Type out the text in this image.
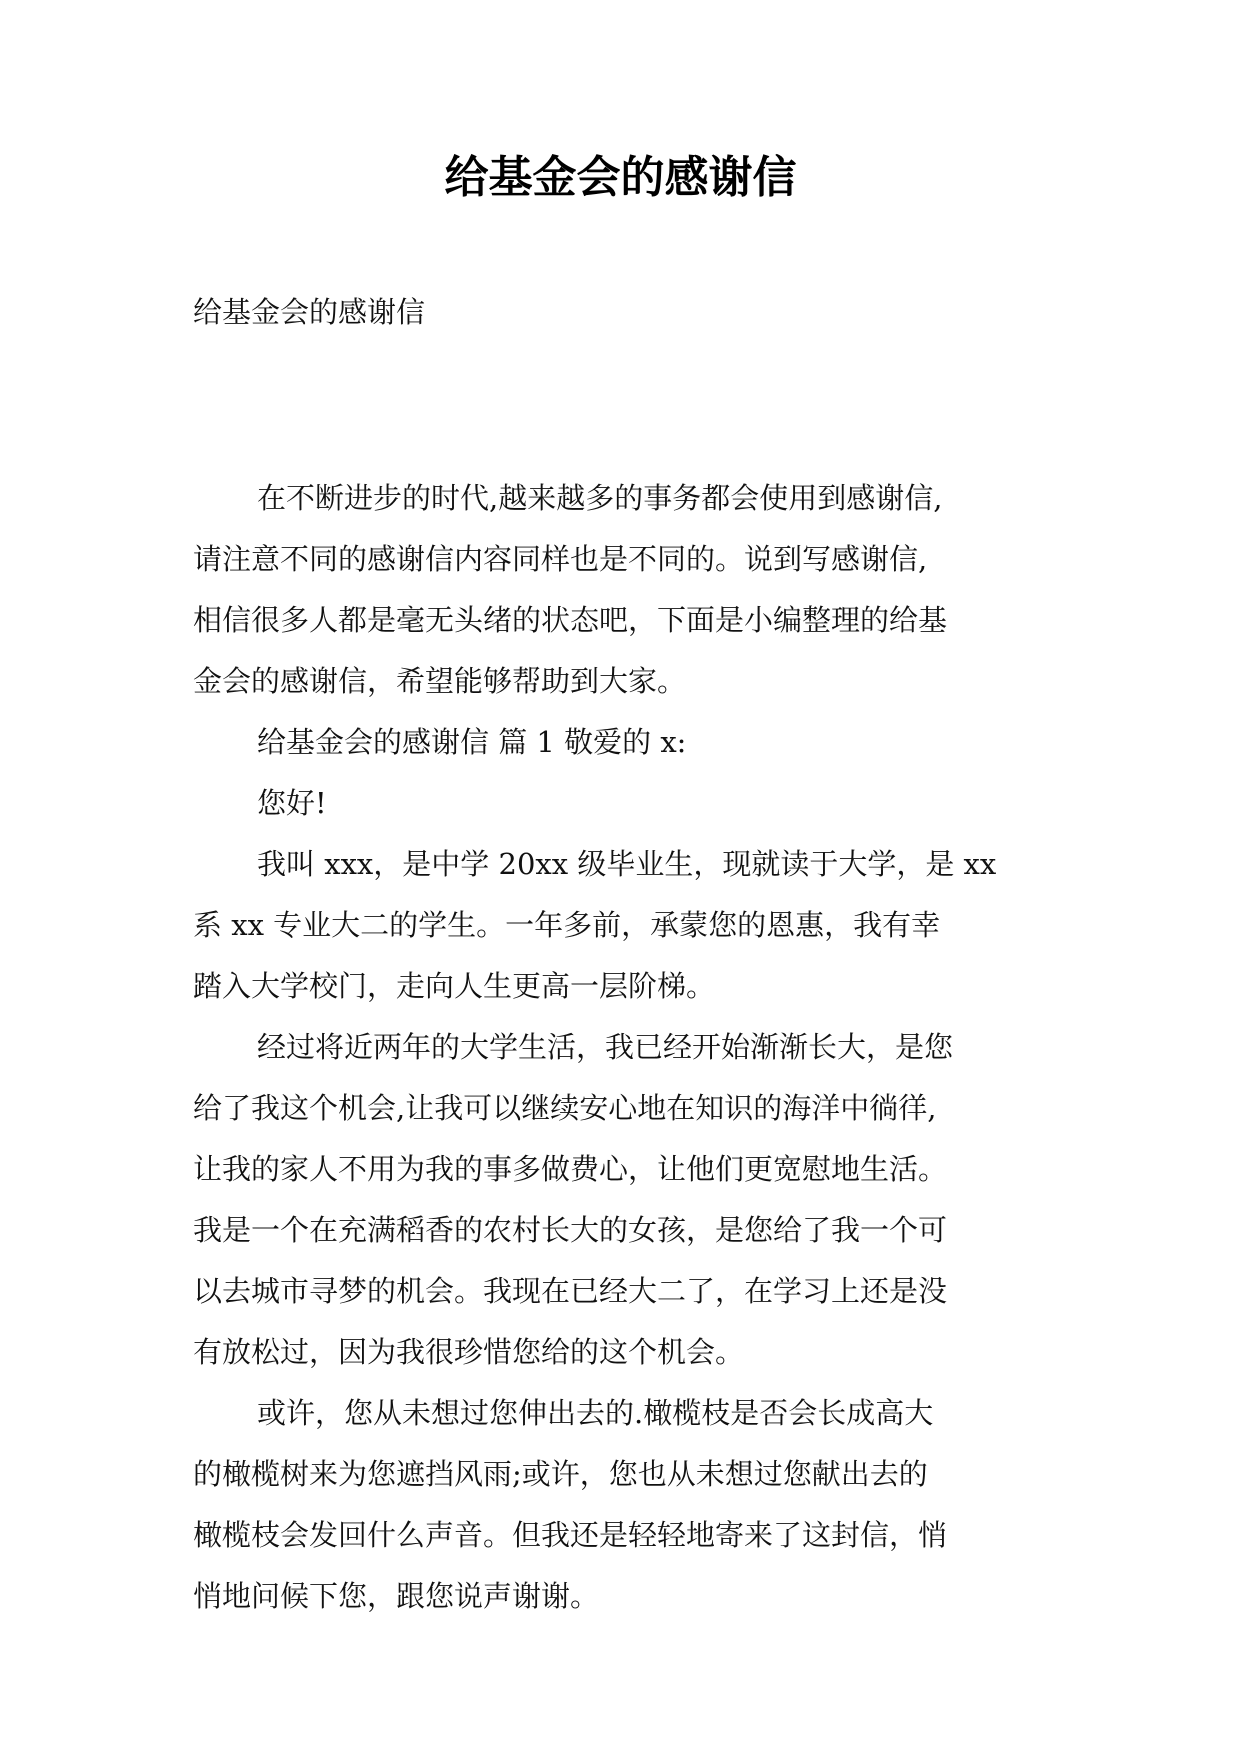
给基金会的感谢信

给基金会的感谢信

在不断进步的时代,越来越多的事务都会使用到感谢信,
请注意不同的感谢信内容同样也是不同的。说到写感谢信,
相信很多人都是毫无头绪的状态吧，下面是小编整理的给基
金会的感谢信，希望能够帮助到大家。

给基金会的感谢信 篇 1 敬爱的 x:

您好!

我叫 xxx，是中学 20xx 级毕业生，现就读于大学，是 xx
系 xx 专业大二的学生。一年多前，承蒙您的恩惠，我有幸
踏入大学校门，走向人生更高一层阶梯。

经过将近两年的大学生活，我已经开始渐渐长大，是您
给了我这个机会,让我可以继续安心地在知识的海洋中徜徉,
让我的家人不用为我的事多做费心，让他们更宽慰地生活。
我是一个在充满稻香的农村长大的女孩，是您给了我一个可
以去城市寻梦的机会。我现在已经大二了，在学习上还是没
有放松过，因为我很珍惜您给的这个机会。

或许，您从未想过您伸出去的.橄榄枝是否会长成高大
的橄榄树来为您遮挡风雨;或许，您也从未想过您献出去的
橄榄枝会发回什么声音。但我还是轻轻地寄来了这封信，悄
悄地问候下您，跟您说声谢谢。
